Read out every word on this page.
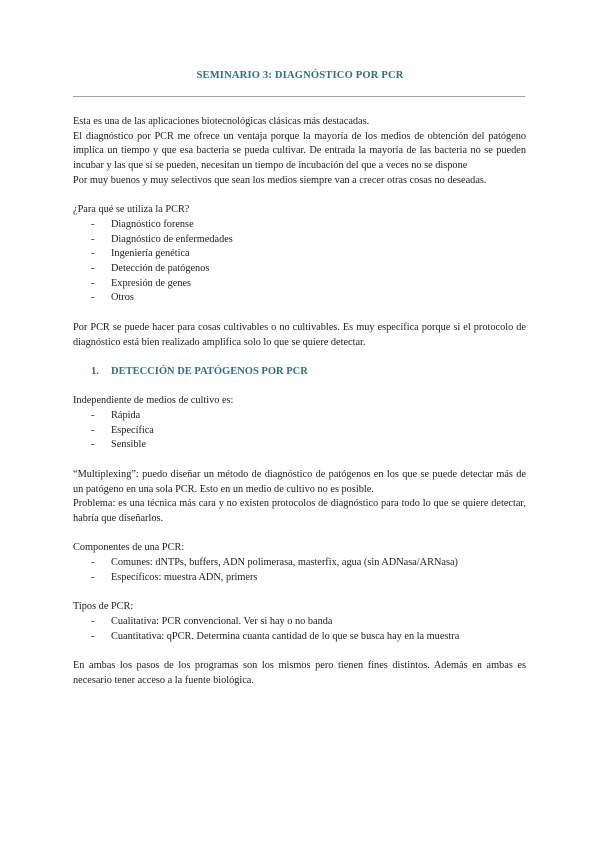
SEMINARIO 3: DIAGNÓSTICO POR PCR

Esta es una de las aplicaciones biotecnológicas clásicas más destacadas.

El diagnóstico por PCR me ofrece un ventaja porque la mayoría de los medios de obtención del patógeno implica un tiempo y que esa bacteria se pueda cultivar. De entrada la mayoría de las bacteria no se pueden incubar y las que sí se pueden, necesitan un tiempo de incubación del que a veces no se dispone

Por muy buenos y muy selectivos que sean los medios siempre van a crecer otras cosas no deseadas.

¿Para qué se utiliza la PCR?

- Diagnóstico forense
- Diagnóstico de enfermedades
- Ingeniería genética
- Detección de patógenos
- Expresión de genes
- Otros

Por PCR se puede hacer para cosas cultivables o no cultivables. Es muy específica porque si el protocolo de diagnóstico está bien realizado amplifica solo lo que se quiere detectar.

1. DETECCIÓN DE PATÓGENOS POR PCR

Independiente de medios de cultivo es:

- Rápida
- Específica
- Sensible

“Multiplexing”: puedo diseñar un método de diagnóstico de patógenos en los que se puede detectar más de un patógeno en una sola PCR. Esto en un medio de cultivo no es posible.

Problema: es una técnica más cara y no existen protocolos de diagnóstico para todo lo que se quiere detectar, habría que diseñarlos.

Componentes de una PCR:

- Comunes: dNTPs, buffers, ADN polimerasa, masterfix, agua (sin ADNasa/ARNasa)
- Específicos: muestra ADN, primers

Tipos de PCR:

- Cualitativa: PCR convencional. Ver si hay o no banda
- Cuantitativa: qPCR. Determina cuanta cantidad de lo que se busca hay en la muestra

En ambas los pasos de los programas son los mismos pero tienen fines distintos. Además en ambas es necesario tener acceso a la fuente biológica.
